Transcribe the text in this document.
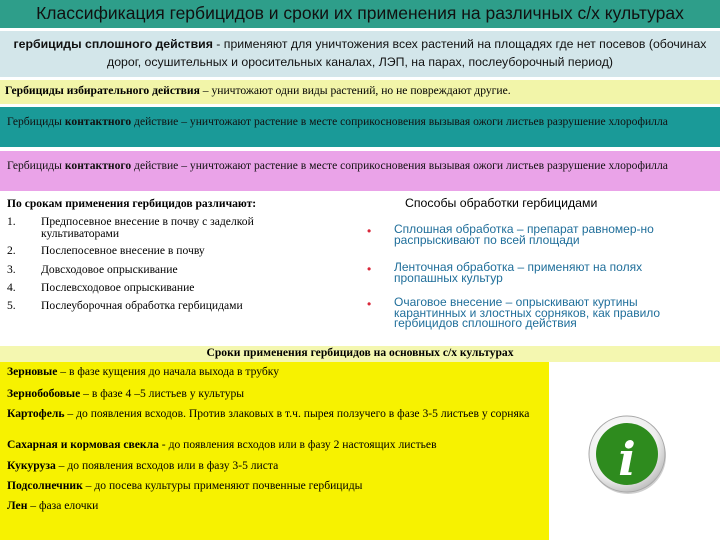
Классификация гербицидов и сроки их применения на различных с/х культурах
гербициды сплошного действия - применяют для уничтожения всех растений на площадях где нет посевов (обочинах дорог, осушительных и оросительных каналах, ЛЭП, на парах, послеуборочный период)
Гербициды избирательного действия – уничтожают одни виды растений, но не повреждают другие.
Гербициды контактного действие – уничтожают растение в месте соприкосновения вызывая ожоги листьев разрушение хлорофилла
Гербициды контактного действие – уничтожают растение в месте соприкосновения вызывая ожоги листьев разрушение хлорофилла
По срокам применения гербицидов различают:
1. Предпосевное внесение в почву с заделкой культиваторами
2. Послепосевное внесение в почву
3. Довсходовое опрыскивание
4. Послевсходовое опрыскивание
5. Послеуборочная обработка гербицидами
Способы обработки гербицидами
• Сплошная обработка – препарат равномер-но распрыскивают по всей площади
• Ленточная обработка – применяют на полях пропашных культур
• Очаговое внесение – опрыскивают куртины карантинных и злостных сорняков, как правило гербицидов сплошного действия
Сроки применения гербицидов на основных с/х культурах
Зерновые – в фазе кущения до начала выхода в трубку
Зернобобовые – в фазе 4 –5 листьев у культуры
Картофель – до появления всходов. Против злаковых в т.ч. пырея ползучего в фазе 3-5 листьев у сорняка
Сахарная и кормовая свекла - до появления всходов или в фазу 2 настоящих листьев
Кукуруза – до появления всходов или в фазу 3-5 листа
Подсолнечник – до посева культуры применяют почвенные гербициды
Лен – фаза елочки
i
